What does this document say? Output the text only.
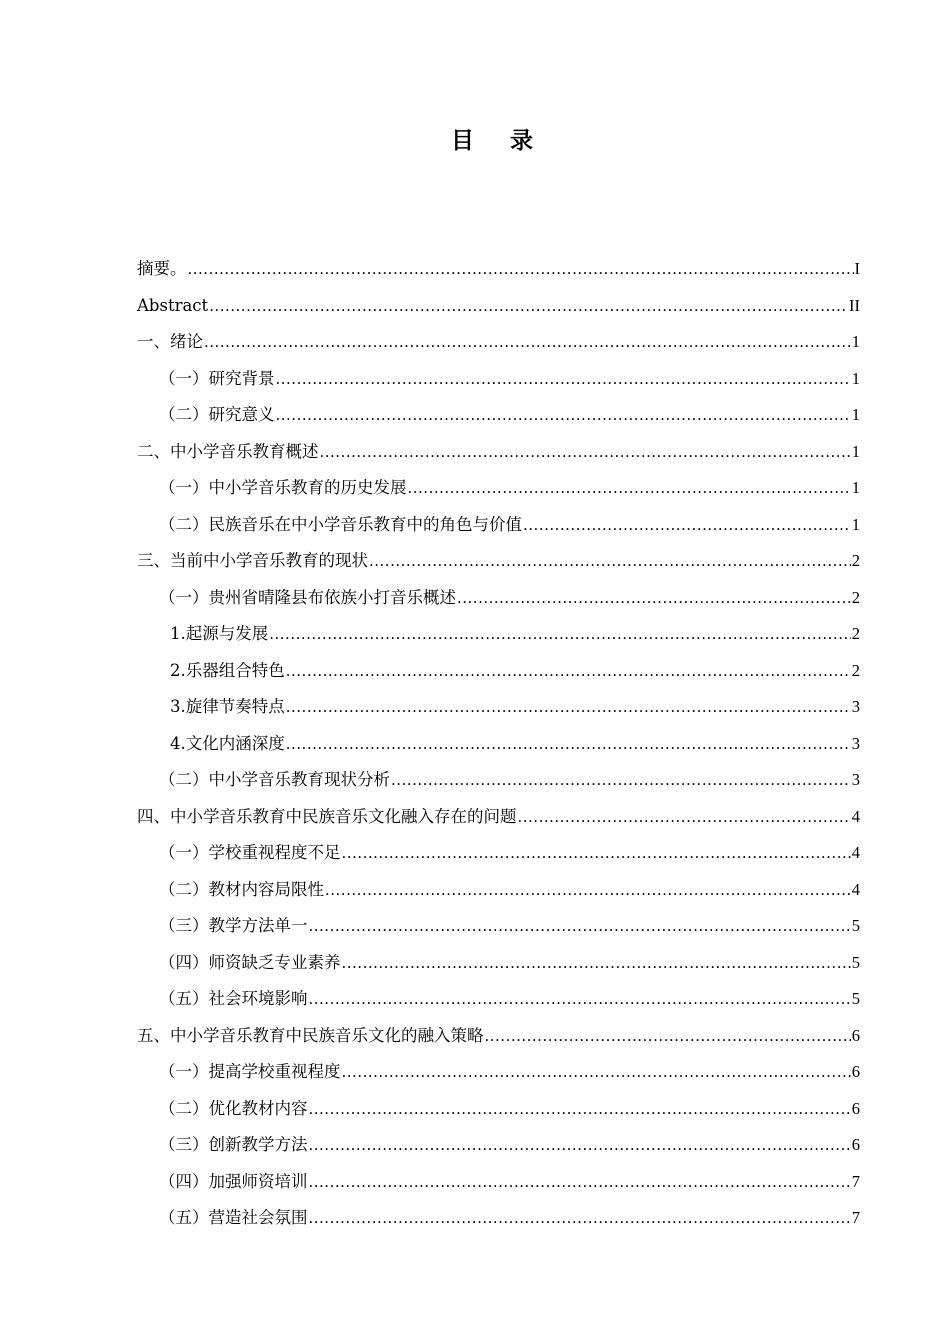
目 录
摘要。 .....	I
Abstract .....	II
一、绪论 .....	1
（一）研究背景 .....	1
（二）研究意义 .....	1
二、中小学音乐教育概述 .....	1
（一）中小学音乐教育的历史发展 .....	1
（二）民族音乐在中小学音乐教育中的角色与价值 .....	1
三、当前中小学音乐教育的现状 .....	2
（一）贵州省晴隆县布依族小打音乐概述 .....	2
1.起源与发展 .....	2
2.乐器组合特色 .....	2
3.旋律节奏特点 .....	3
4.文化内涵深度 .....	3
（二）中小学音乐教育现状分析 .....	3
四、中小学音乐教育中民族音乐文化融入存在的问题 .....	4
（一）学校重视程度不足 .....	4
（二）教材内容局限性 .....	4
（三）教学方法单一 .....	5
（四）师资缺乏专业素养 .....	5
（五）社会环境影响 .....	5
五、中小学音乐教育中民族音乐文化的融入策略 .....	6
（一）提高学校重视程度 .....	6
（二）优化教材内容 .....	6
（三）创新教学方法 .....	6
（四）加强师资培训 .....	7
（五）营造社会氛围 .....	7
